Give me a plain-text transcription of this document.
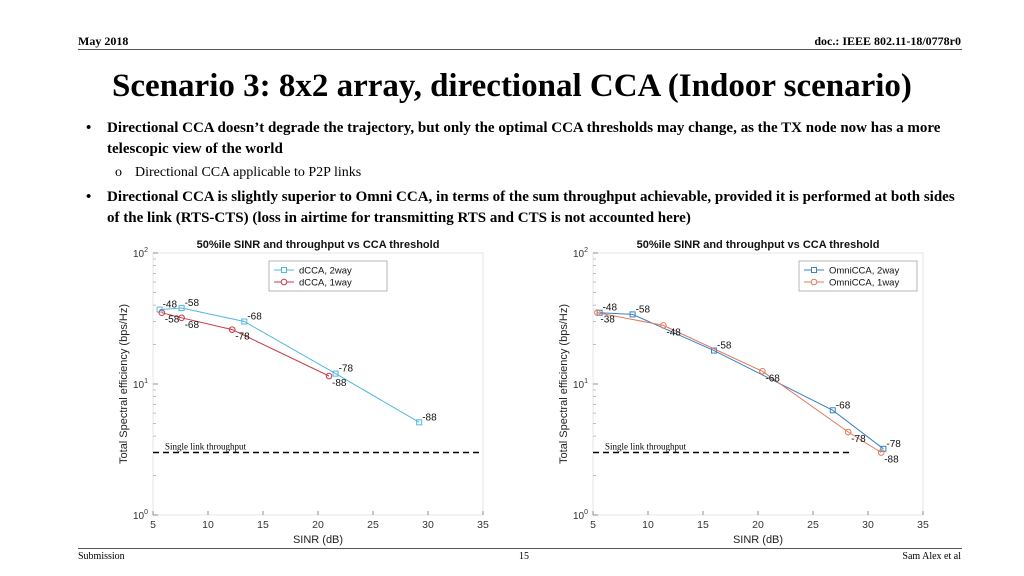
May 2018	doc.: IEEE 802.11-18/0778r0
Scenario 3: 8x2 array, directional CCA (Indoor scenario)
• Directional CCA doesn’t degrade the trajectory, but only the optimal CCA thresholds may change, as the TX node now has a more telescopic view of the world
o Directional CCA applicable to P2P links
• Directional CCA is slightly superior to Omni CCA, in terms of the sum throughput achievable, provided it is performed at both sides of the link (RTS-CTS) (loss in airtime for transmitting RTS and CTS is not accounted here)
$10^0$
$10^1$
$10^2$
5	10	15	20	25	30	35
SINR (dB)
Total Spectral efficiency (bps/Hz)
50%ile SINR and throughput vs CCA threshold
Single link throughput
-48 -58
-68
-78
-88
-58 -68
-78
-88
dCCA, 2way
dCCA, 1way
$10^0$
$10^1$
$10^2$
5	10	15	20	25	30	35
SINR (dB)
Total Spectral efficiency (bps/Hz)
50%ile SINR and throughput vs CCA threshold
Single link throughput
-48 -58
-58
-68
-78
-38
-48
-68
-78
-88
OmniCCA, 2way
OmniCCA, 1way
Submission	15	Sam Alex et al
